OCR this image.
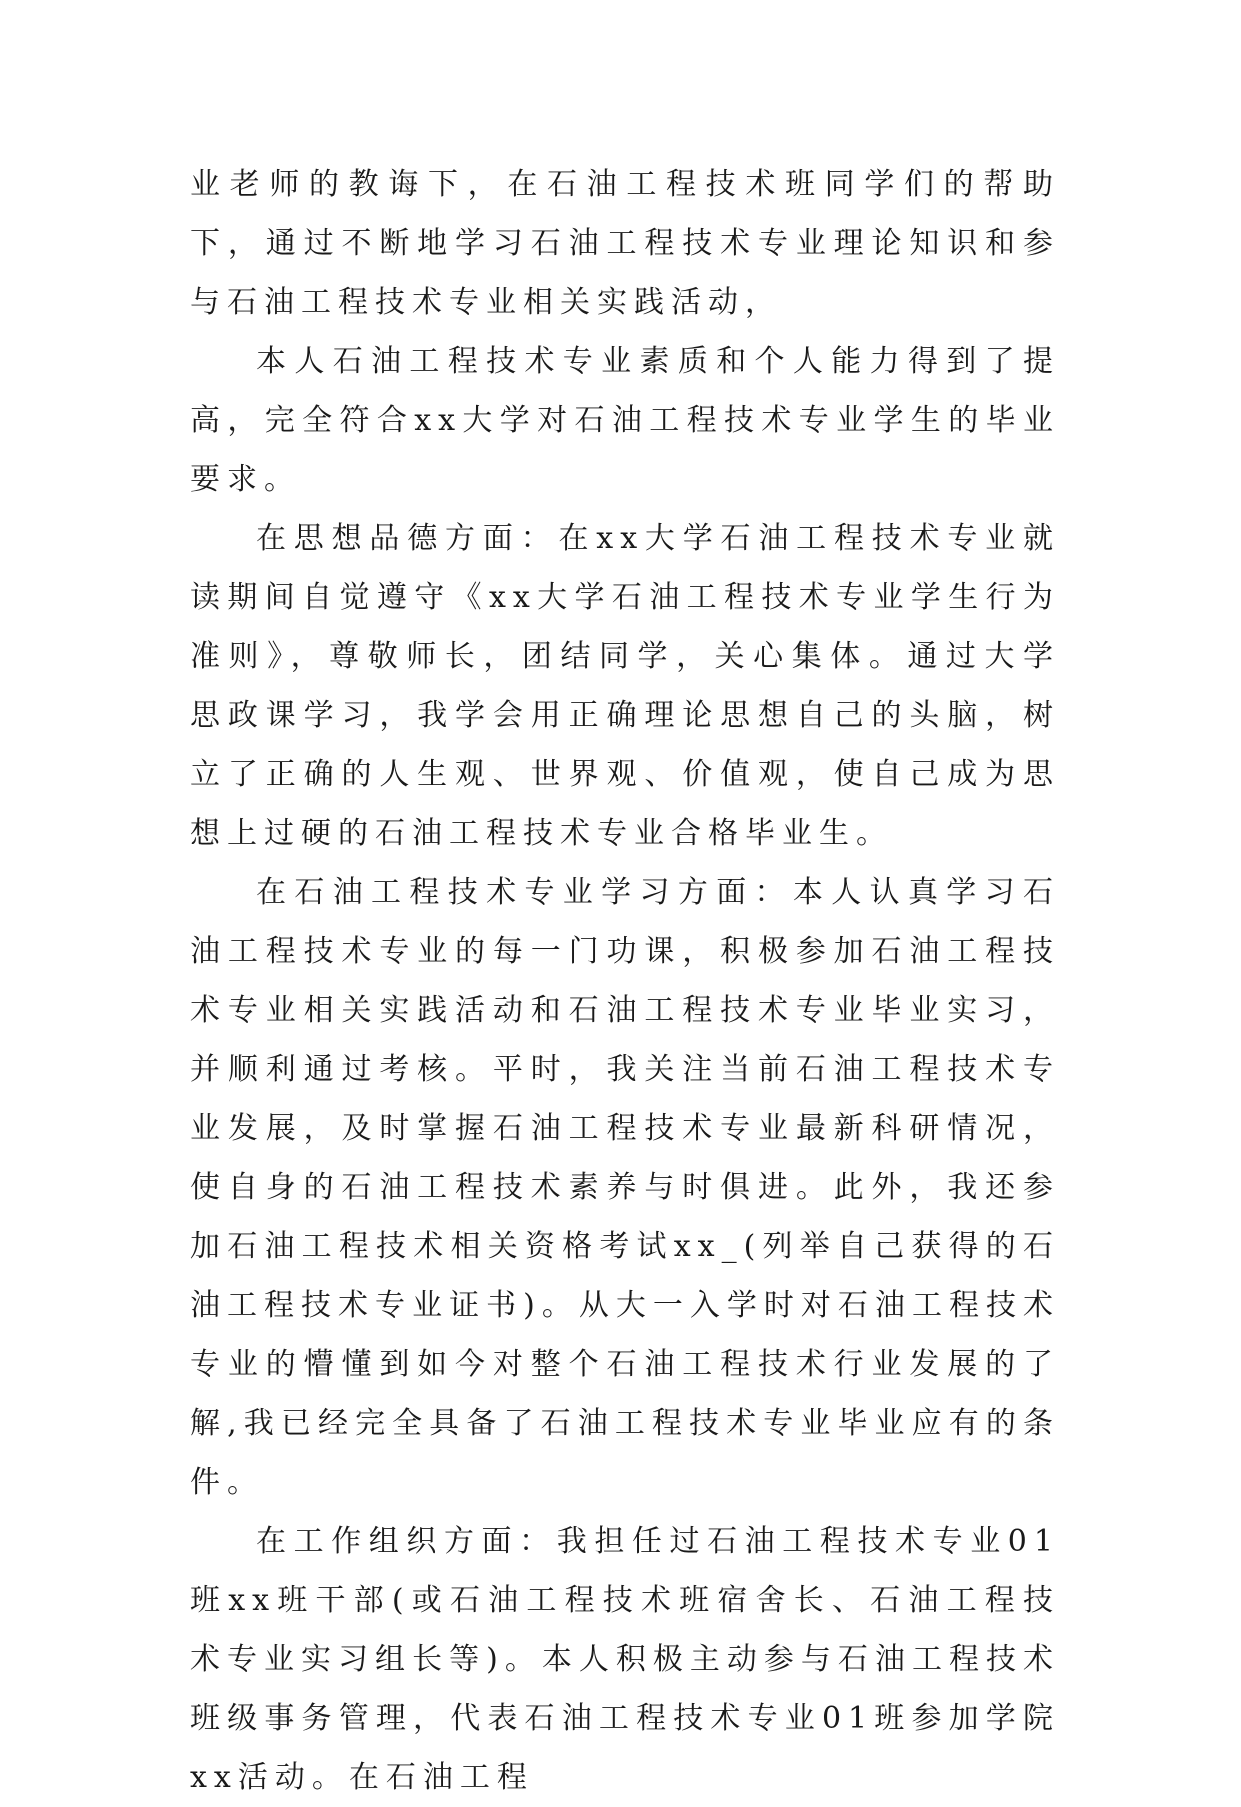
业老师的教诲下，在石油工程技术班同学们的帮助下，通过不断地学习石油工程技术专业理论知识和参与石油工程技术专业相关实践活动，

本人石油工程技术专业素质和个人能力得到了提高，完全符合xx大学对石油工程技术专业学生的毕业要求。

在思想品德方面：在xx大学石油工程技术专业就读期间自觉遵守《xx大学石油工程技术专业学生行为准则》，尊敬师长，团结同学，关心集体。通过大学思政课学习，我学会用正确理论思想自己的头脑，树立了正确的人生观、世界观、价值观，使自己成为思想上过硬的石油工程技术专业合格毕业生。

在石油工程技术专业学习方面：本人认真学习石油工程技术专业的每一门功课，积极参加石油工程技术专业相关实践活动和石油工程技术专业毕业实习，并顺利通过考核。平时，我关注当前石油工程技术专业发展，及时掌握石油工程技术专业最新科研情况，使自身的石油工程技术素养与时俱进。此外，我还参加石油工程技术相关资格考试xx_(列举自己获得的石油工程技术专业证书)。从大一入学时对石油工程技术专业的懵懂到如今对整个石油工程技术行业发展的了解,我已经完全具备了石油工程技术专业毕业应有的条件。

在工作组织方面：我担任过石油工程技术专业01班xx班干部(或石油工程技术班宿舍长、石油工程技术专业实习组长等)。本人积极主动参与石油工程技术班级事务管理，代表石油工程技术专业01班参加学院xx活动。在石油工程
